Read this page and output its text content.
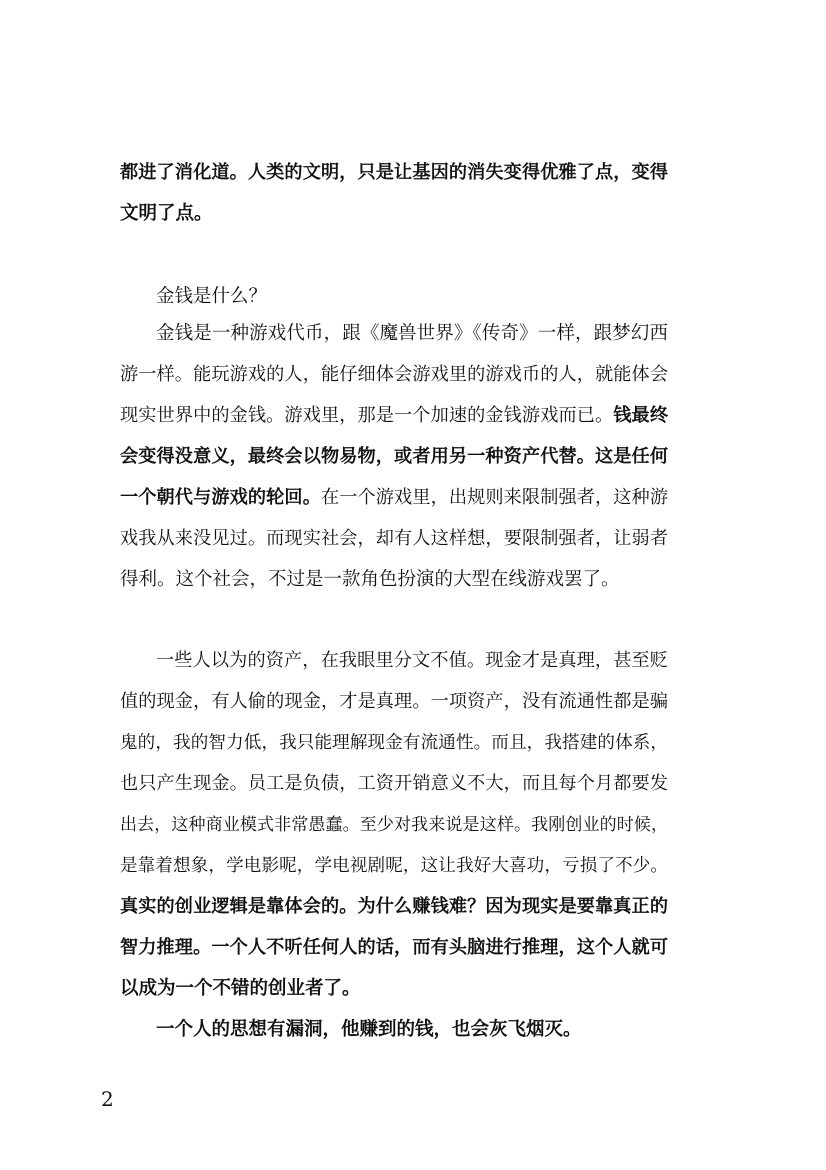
都进了消化道。人类的文明，只是让基因的消失变得优雅了点，变得
文明了点。
金钱是什么？
金钱是一种游戏代币，跟《魔兽世界》《传奇》一样，跟梦幻西
游一样。能玩游戏的人，能仔细体会游戏里的游戏币的人，就能体会
现实世界中的金钱。游戏里，那是一个加速的金钱游戏而已。钱最终
会变得没意义，最终会以物易物，或者用另一种资产代替。这是任何
一个朝代与游戏的轮回。在一个游戏里，出规则来限制强者，这种游
戏我从来没见过。而现实社会，却有人这样想，要限制强者，让弱者
得利。这个社会，不过是一款角色扮演的大型在线游戏罢了。
一些人以为的资产，在我眼里分文不值。现金才是真理，甚至贬
值的现金，有人偷的现金，才是真理。一项资产，没有流通性都是骗
鬼的，我的智力低，我只能理解现金有流通性。而且，我搭建的体系，
也只产生现金。员工是负债，工资开销意义不大，而且每个月都要发
出去，这种商业模式非常愚蠢。至少对我来说是这样。我刚创业的时候，
是靠着想象，学电影呢，学电视剧呢，这让我好大喜功，亏损了不少。
真实的创业逻辑是靠体会的。为什么赚钱难？因为现实是要靠真正的
智力推理。一个人不听任何人的话，而有头脑进行推理，这个人就可
以成为一个不错的创业者了。
一个人的思想有漏洞，他赚到的钱，也会灰飞烟灭。
2
